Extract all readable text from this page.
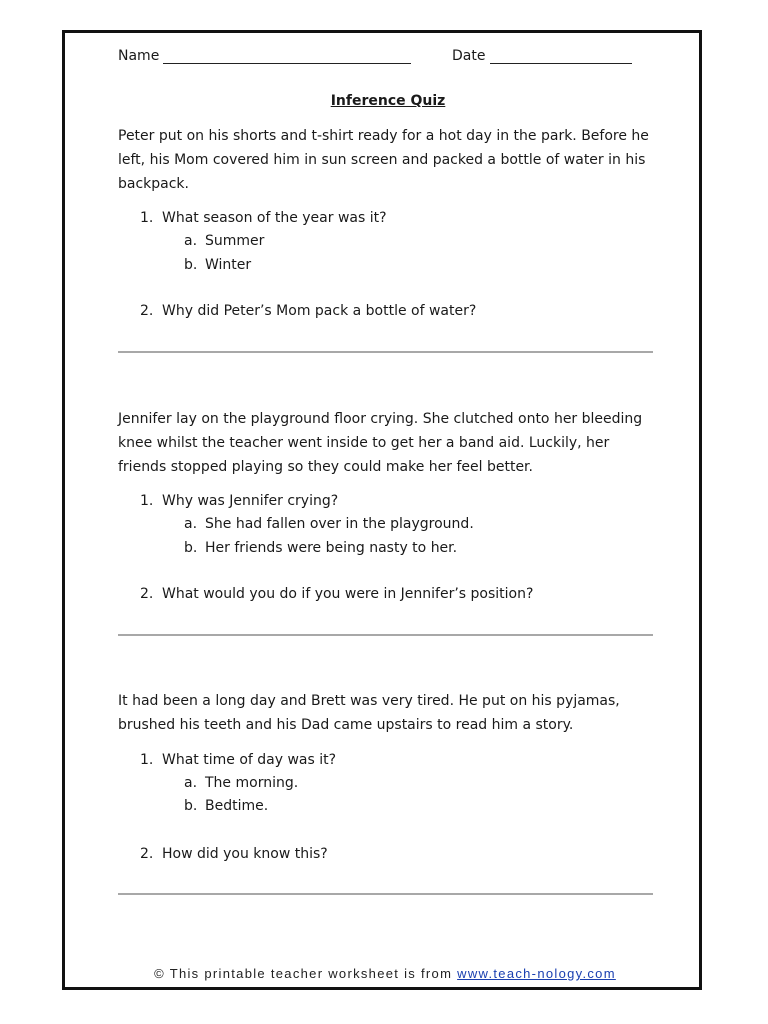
Name	Date
Inference Quiz

Peter put on his shorts and t-shirt ready for a hot day in the park. Before he left, his Mom covered him in sun screen and packed a bottle of water in his backpack.

1. What season of the year was it?
a. Summer
b. Winter
2. Why did Peter’s Mom pack a bottle of water?

Jennifer lay on the playground floor crying. She clutched onto her bleeding knee whilst the teacher went inside to get her a band aid. Luckily, her friends stopped playing so they could make her feel better.

1. Why was Jennifer crying?
a. She had fallen over in the playground.
b. Her friends were being nasty to her.
2. What would you do if you were in Jennifer’s position?

It had been a long day and Brett was very tired. He put on his pyjamas, brushed his teeth and his Dad came upstairs to read him a story.

1. What time of day was it?
a. The morning.
b. Bedtime.
2. How did you know this?
© This printable teacher worksheet is from www.teach-nology.com
